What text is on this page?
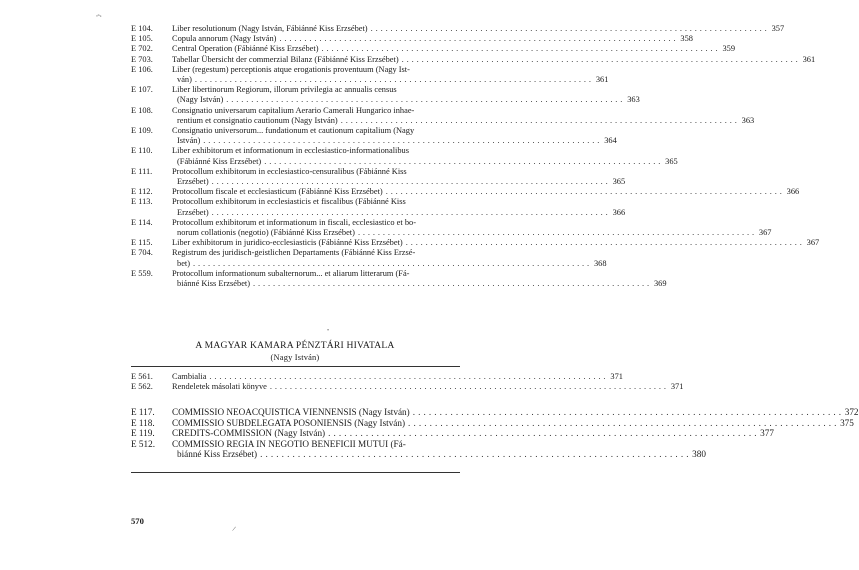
ᵤₙ₄
E 104.	Liber resolutionum (Nagy István, Fábiánné Kiss Erzsébet) . . . . . . . . . . . . . . . . . . . . . . . . . . . . . . . . . . . . . . . . . . . . . . . . . . . . . . . . . . . . . . . . . . . . . . . . . . . . . . . . 357
E 105.	Copula annorum (Nagy István) . . . . . . . . . . . . . . . . . . . . . . . . . . . . . . . . . . . . . . . . . . . . . . . . . . . . . . . . . . . . . . . . . . . . . . . . . . . . . . . . 358
E 702.	Central Operation (Fábiánné Kiss Erzsébet) . . . . . . . . . . . . . . . . . . . . . . . . . . . . . . . . . . . . . . . . . . . . . . . . . . . . . . . . . . . . . . . . . . . . . . . . . . . . . . . . 359
E 703.	Tabellar Übersicht der commerzial Bilanz (Fábiánné Kiss Erzsébet) . . . . . . . . . . . . . . . . . . . . . . . . . . . . . . . . . . . . . . . . . . . . . . . . . . . . . . . . . . . . . . . . . . . . . . . . . . . . . . . . 361
E 106.	Liber (regestum) perceptionis atque erogationis proventuum (Nagy Ist-
ván) . . . . . . . . . . . . . . . . . . . . . . . . . . . . . . . . . . . . . . . . . . . . . . . . . . . . . . . . . . . . . . . . . . . . . . . . . . . . . . . . 361
E 107.	Liber libertinorum Regiorum, illorum privilegia ac annualis census
(Nagy István) . . . . . . . . . . . . . . . . . . . . . . . . . . . . . . . . . . . . . . . . . . . . . . . . . . . . . . . . . . . . . . . . . . . . . . . . . . . . . . . . 363
E 108.	Consignatio universarum capitalium Aerario Camerali Hungarico inhae-
rentium et consignatio cautionum (Nagy István) . . . . . . . . . . . . . . . . . . . . . . . . . . . . . . . . . . . . . . . . . . . . . . . . . . . . . . . . . . . . . . . . . . . . . . . . . . . . . . . . 363
E 109.	Consignatio universorum... fundationum et cautionum capitalium (Nagy
István) . . . . . . . . . . . . . . . . . . . . . . . . . . . . . . . . . . . . . . . . . . . . . . . . . . . . . . . . . . . . . . . . . . . . . . . . . . . . . . . . 364
E 110.	Liber exhibitorum et informationum in ecclesiastico-informationalibus
(Fábiánné Kiss Erzsébet) . . . . . . . . . . . . . . . . . . . . . . . . . . . . . . . . . . . . . . . . . . . . . . . . . . . . . . . . . . . . . . . . . . . . . . . . . . . . . . . . 365
E 111.	Protocollum exhibitorum in ecclesiastico-censuralibus (Fábiánné Kiss
Erzsébet) . . . . . . . . . . . . . . . . . . . . . . . . . . . . . . . . . . . . . . . . . . . . . . . . . . . . . . . . . . . . . . . . . . . . . . . . . . . . . . . . 365
E 112.	Protocollum fiscale et ecclesiasticum (Fábiánné Kiss Erzsébet) . . . . . . . . . . . . . . . . . . . . . . . . . . . . . . . . . . . . . . . . . . . . . . . . . . . . . . . . . . . . . . . . . . . . . . . . . . . . . . . . 366
E 113.	Protocollum exhibitorum in ecclesiasticis et fiscalibus (Fábiánné Kiss
Erzsébet) . . . . . . . . . . . . . . . . . . . . . . . . . . . . . . . . . . . . . . . . . . . . . . . . . . . . . . . . . . . . . . . . . . . . . . . . . . . . . . . . 366
E 114.	Protocollum exhibitorum et informationum in fiscali, ecclesiastico et bo-
norum collationis (negotio) (Fábiánné Kiss Erzsébet) . . . . . . . . . . . . . . . . . . . . . . . . . . . . . . . . . . . . . . . . . . . . . . . . . . . . . . . . . . . . . . . . . . . . . . . . . . . . . . . . 367
E 115.	Liber exhibitorum in juridico-ecclesiasticis (Fábiánné Kiss Erzsébet) . . . . . . . . . . . . . . . . . . . . . . . . . . . . . . . . . . . . . . . . . . . . . . . . . . . . . . . . . . . . . . . . . . . . . . . . . . . . . . . . 367
E 704.	Registrum des juridisch-geistlichen Departaments (Fábiánné Kiss Erzsé-
bet) . . . . . . . . . . . . . . . . . . . . . . . . . . . . . . . . . . . . . . . . . . . . . . . . . . . . . . . . . . . . . . . . . . . . . . . . . . . . . . . . 368
E 559.	Protocollum informationum subalternorum... et aliarum litterarum (Fá-
biánné Kiss Erzsébet) . . . . . . . . . . . . . . . . . . . . . . . . . . . . . . . . . . . . . . . . . . . . . . . . . . . . . . . . . . . . . . . . . . . . . . . . . . . . . . . . 369
•
A MAGYAR KAMARA PÉNZTÁRI HIVATALA
(Nagy István)
E 561.	Cambialia . . . . . . . . . . . . . . . . . . . . . . . . . . . . . . . . . . . . . . . . . . . . . . . . . . . . . . . . . . . . . . . . . . . . . . . . . . . . . . . . 371
E 562.	Rendeletek másolati könyve . . . . . . . . . . . . . . . . . . . . . . . . . . . . . . . . . . . . . . . . . . . . . . . . . . . . . . . . . . . . . . . . . . . . . . . . . . . . . . . . 371
E 117.	COMMISSIO NEOACQUISTICA VIENNENSIS (Nagy István) . . . . . . . . . . . . . . . . . . . . . . . . . . . . . . . . . . . . . . . . . . . . . . . . . . . . . . . . . . . . . . . . . . . . . . . . . . . . . . . . 372
E 118.	COMMISSIO SUBDELEGATA POSONIENSIS (Nagy István) . . . . . . . . . . . . . . . . . . . . . . . . . . . . . . . . . . . . . . . . . . . . . . . . . . . . . . . . . . . . . . . . . . . . . . . . . . . . . . . . 375
E 119.	CREDITS-COMMISSION (Nagy István) . . . . . . . . . . . . . . . . . . . . . . . . . . . . . . . . . . . . . . . . . . . . . . . . . . . . . . . . . . . . . . . . . . . . . . . . . . . . . . . . 377
E 512.	COMMISSIO REGIA IN NEGOTIO BENEFICII MUTUI (Fá-
biánné Kiss Erzsébet) . . . . . . . . . . . . . . . . . . . . . . . . . . . . . . . . . . . . . . . . . . . . . . . . . . . . . . . . . . . . . . . . . . . . . . . . . . . . . . . . 380
570
/
